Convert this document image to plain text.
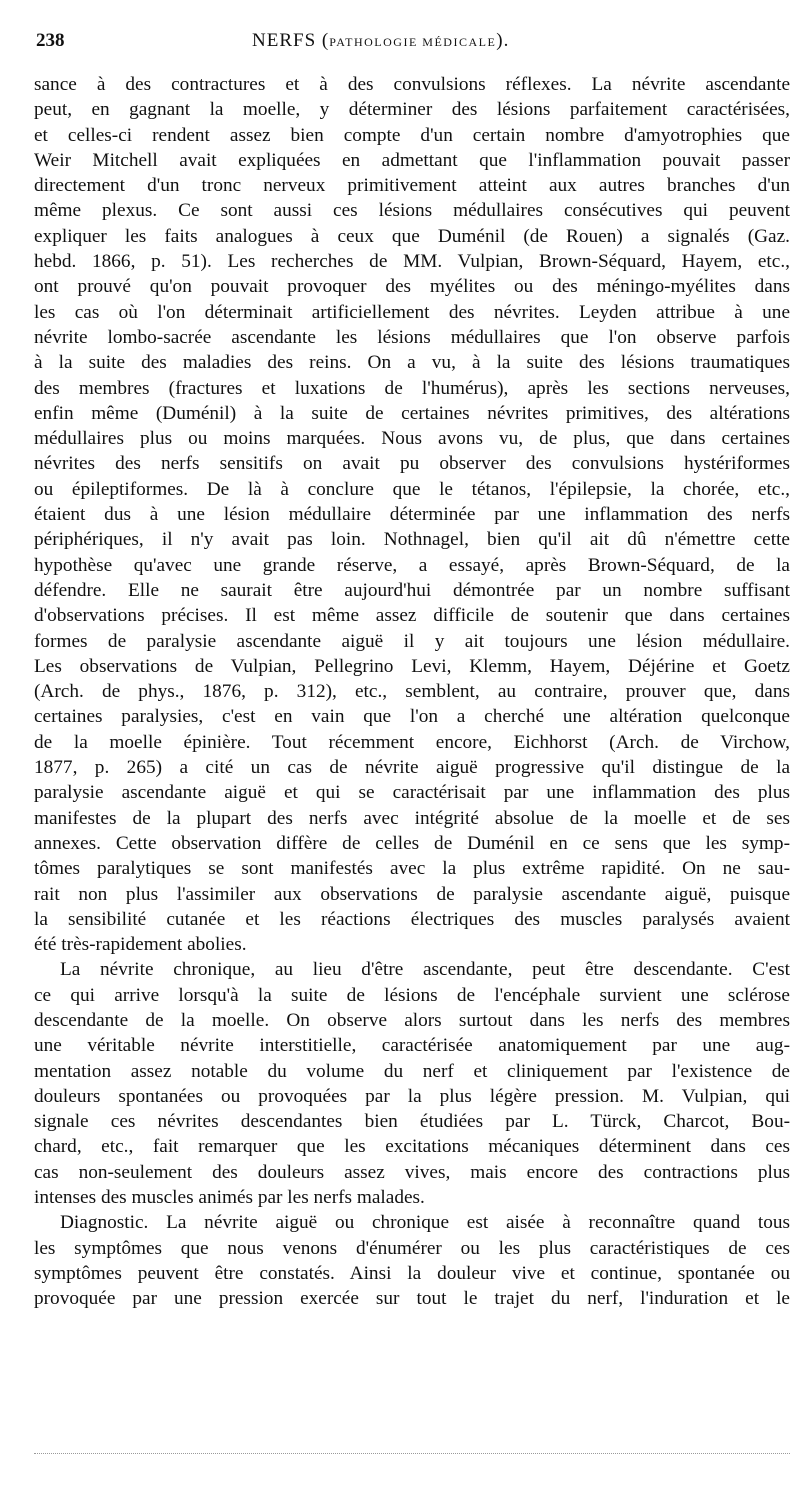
238	NERFS (PATHOLOGIE MÉDICALE).
sance à des contractures et à des convulsions réflexes. La névrite ascendante
peut, en gagnant la moelle, y déterminer des lésions parfaitement caractérisées,
et celles-ci rendent assez bien compte d'un certain nombre d'amyotrophies que
Weir Mitchell avait expliquées en admettant que l'inflammation pouvait passer
directement d'un tronc nerveux primitivement atteint aux autres branches d'un
même plexus. Ce sont aussi ces lésions médullaires consécutives qui peuvent
expliquer les faits analogues à ceux que Duménil (de Rouen) a signalés (Gaz.
hebd. 1866, p. 51). Les recherches de MM. Vulpian, Brown-Séquard, Hayem, etc.,
ont prouvé qu'on pouvait provoquer des myélites ou des méningo-myélites dans
les cas où l'on déterminait artificiellement des névrites. Leyden attribue à une
névrite lombo-sacrée ascendante les lésions médullaires que l'on observe parfois
à la suite des maladies des reins. On a vu, à la suite des lésions traumatiques
des membres (fractures et luxations de l'humérus), après les sections nerveuses,
enfin même (Duménil) à la suite de certaines névrites primitives, des altérations
médullaires plus ou moins marquées. Nous avons vu, de plus, que dans certaines
névrites des nerfs sensitifs on avait pu observer des convulsions hystériformes
ou épileptiformes. De là à conclure que le tétanos, l'épilepsie, la chorée, etc.,
étaient dus à une lésion médullaire déterminée par une inflammation des nerfs
périphériques, il n'y avait pas loin. Nothnagel, bien qu'il ait dû n'émettre cette
hypothèse qu'avec une grande réserve, a essayé, après Brown-Séquard, de la
défendre. Elle ne saurait être aujourd'hui démontrée par un nombre suffisant
d'observations précises. Il est même assez difficile de soutenir que dans certaines
formes de paralysie ascendante aiguë il y ait toujours une lésion médullaire.
Les observations de Vulpian, Pellegrino Levi, Klemm, Hayem, Déjérine et Goetz
(Arch. de phys., 1876, p. 312), etc., semblent, au contraire, prouver que, dans
certaines paralysies, c'est en vain que l'on a cherché une altération quelconque
de la moelle épinière. Tout récemment encore, Eichhorst (Arch. de Virchow,
1877, p. 265) a cité un cas de névrite aiguë progressive qu'il distingue de la
paralysie ascendante aiguë et qui se caractérisait par une inflammation des plus
manifestes de la plupart des nerfs avec intégrité absolue de la moelle et de ses
annexes. Cette observation diffère de celles de Duménil en ce sens que les symp-
tômes paralytiques se sont manifestés avec la plus extrême rapidité. On ne sau-
rait non plus l'assimiler aux observations de paralysie ascendante aiguë, puisque
la sensibilité cutanée et les réactions électriques des muscles paralysés avaient
été très-rapidement abolies.
La névrite chronique, au lieu d'être ascendante, peut être descendante. C'est
ce qui arrive lorsqu'à la suite de lésions de l'encéphale survient une sclérose
descendante de la moelle. On observe alors surtout dans les nerfs des membres
une véritable névrite interstitielle, caractérisée anatomiquement par une aug-
mentation assez notable du volume du nerf et cliniquement par l'existence de
douleurs spontanées ou provoquées par la plus légère pression. M. Vulpian, qui
signale ces névrites descendantes bien étudiées par L. Türck, Charcot, Bou-
chard, etc., fait remarquer que les excitations mécaniques déterminent dans ces
cas non-seulement des douleurs assez vives, mais encore des contractions plus
intenses des muscles animés par les nerfs malades.
Diagnostic. La névrite aiguë ou chronique est aisée à reconnaître quand tous
les symptômes que nous venons d'énumérer ou les plus caractéristiques de ces
symptômes peuvent être constatés. Ainsi la douleur vive et continue, spontanée ou
provoquée par une pression exercée sur tout le trajet du nerf, l'induration et le
